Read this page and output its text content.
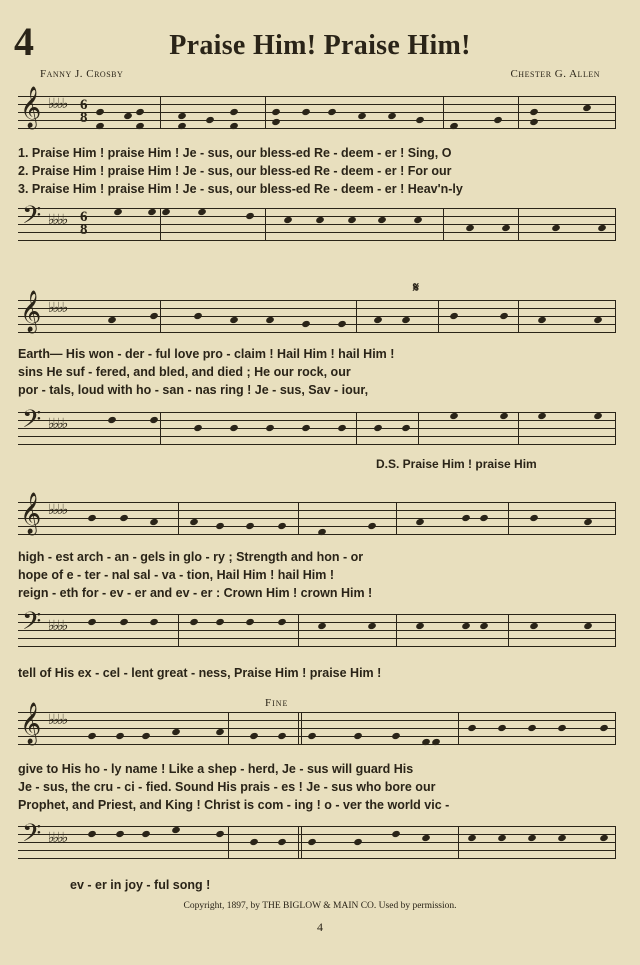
4	Praise Him! Praise Him!
Fanny J. Crosby	Chester G. Allen
𝄞 ♭♭♭♭ 6
8
1. Praise Him ! praise Him ! Je - sus, our bless-ed Re - deem - er ! Sing, O
2. Praise Him ! praise Him ! Je - sus, our bless-ed Re - deem - er ! For our
3. Praise Him ! praise Him ! Je - sus, our bless-ed Re - deem - er ! Heav'n-ly
𝄢 ♭♭♭♭ 6
8
𝄞 ♭♭♭♭
𝄋
Earth— His won - der - ful love pro - claim ! Hail Him ! hail Him !
sins He suf - fered, and bled, and died ; He our rock, our
por - tals, loud with ho - san - nas ring ! Je - sus, Sav - iour,
𝄢 ♭♭♭♭
D.S. Praise Him ! praise Him
𝄞 ♭♭♭♭
high - est arch - an - gels in glo - ry ; Strength and hon - or
hope of e - ter - nal sal - va - tion, Hail Him ! hail Him !
reign - eth for - ev - er and ev - er : Crown Him ! crown Him !
𝄢 ♭♭♭♭
tell of His ex - cel - lent great - ness, Praise Him ! praise Him !
Fine
𝄞 ♭♭♭♭
give to His ho - ly name ! Like a shep - herd, Je - sus will guard His
Je - sus, the cru - ci - fied. Sound His prais - es ! Je - sus who bore our
Prophet, and Priest, and King ! Christ is com - ing ! o - ver the world vic -
𝄢 ♭♭♭♭
ev - er in joy - ful song !
Copyright, 1897, by THE BIGLOW & MAIN CO. Used by permission.
4
